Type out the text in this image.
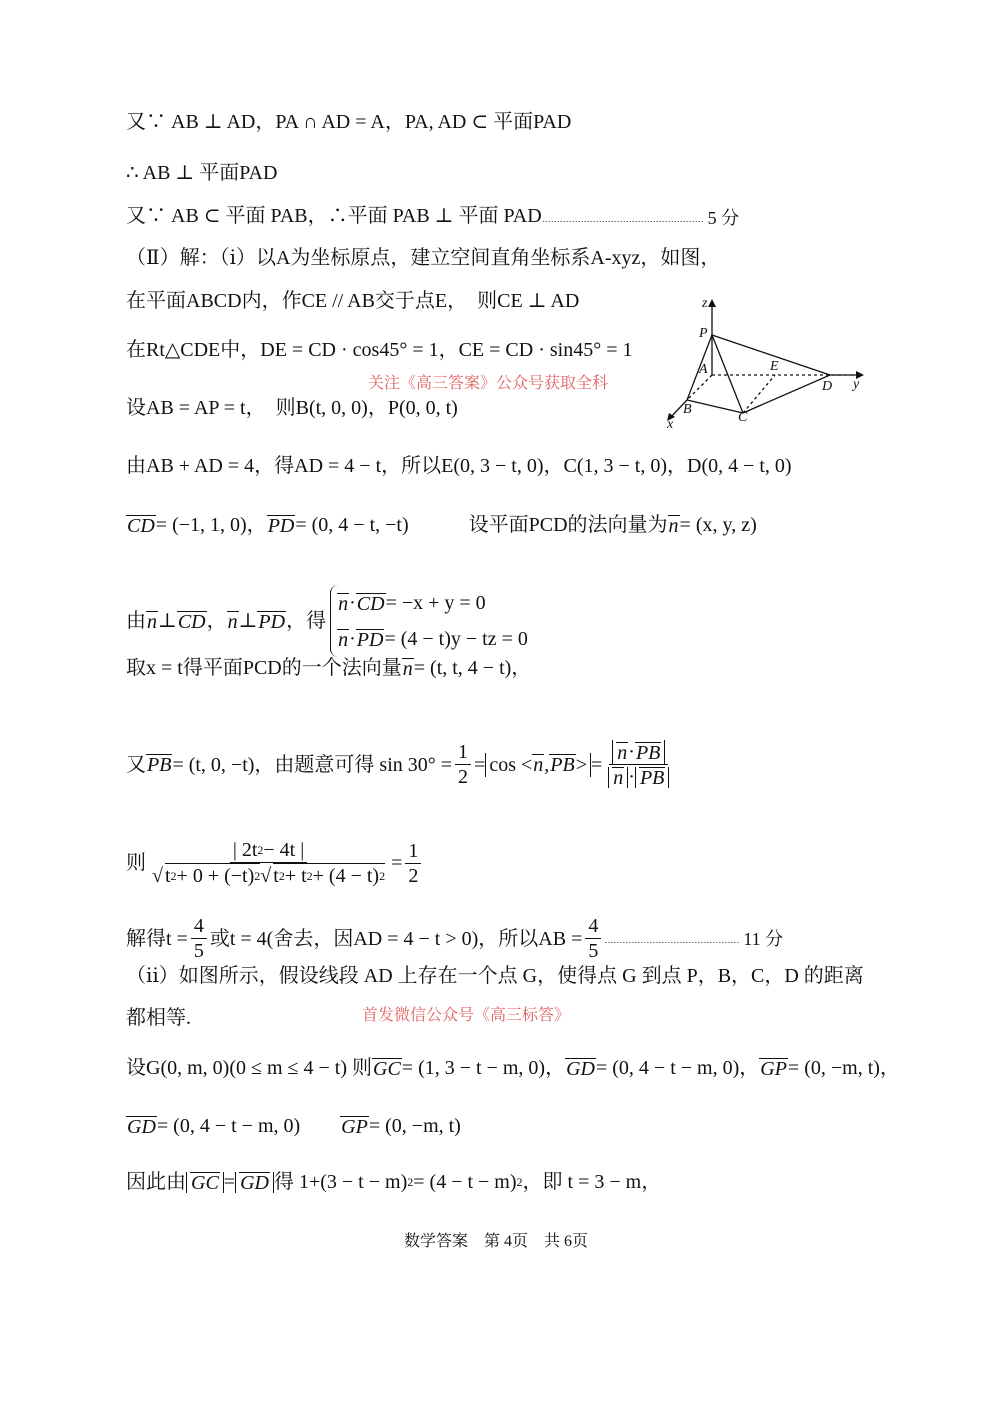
又∵ AB ⊥ AD，PA ∩ AD = A，PA, AD ⊂ 平面PAD
∴ AB ⊥ 平面PAD
又∵ AB ⊂ 平面 PAB，∴平面 PAB ⊥ 平面 PAD……………………………………………… 5 分
（Ⅱ）解：（ⅰ）以A为坐标原点，建立空间直角坐标系A-xyz，如图，
在平面ABCD内，作CE // AB交于点E，　则CE ⊥ AD
在Rt△CDE中，DE = CD · cos45° = 1，CE = CD · sin45° = 1
设AB = AP = t，　则B(t, 0, 0)，P(0, 0, t)
由AB + AD = 4，得AD = 4 − t，所以E(0, 3 − t, 0)，C(1, 3 − t, 0)，D(0, 4 − t, 0)
CD = (−1, 1, 0)， PD = (0, 4 − t, −t)　　　设平面PCD的法向量为 n = (x, y, z)
由 n ⊥ CD ， n ⊥ PD ，得
n · CD = −x + y = 0
n · PD = (4 − t)y − tz = 0
取x = t得平面PCD的一个法向量 n = (t, t, 4 − t)，
又 PB = (t, 0, −t)，由题意可得 $\sin 30^\circ = \frac{1}{2} = \cos < n$ , PB > = $\frac{n \cdot PB}{n \cdot PB}$
则 $\frac{| 2t 2 - 4t |}{√ t 2 + 0 + (-t) 2 √ t 2 + t 2 + (4 - t) 2} = \frac{1}{2}$
解得$t = \frac{4}{5}$ 或t = 4(舍去，因AD = 4 − t > 0)，所以AB = $\frac{4}{5}$ ……………………………………… 11 分
（ⅱ）如图所示，假设线段 AD 上存在一个点 G，使得点 G 到点 P，B，C，D 的距离
都相等.
设G(0, m, 0)(0 ≤ m ≤ 4 − t) 则 GC = (1, 3 − t − m, 0)， GD = (0, 4 − t − m, 0)， GP = (0, −m, t)，
GD = (0, 4 − t − m, 0)　　 GP = (0, −m, t)
因此由 GC = GD 得 1+(3 − t − m) 2 = (4 − t − m) 2 ，即 t = 3 − m，
关注《高三答案》公众号获取全科
首发微信公众号《高三标答》
数学答案　第 4页　共 6页
z
P
A	E
D y
B
C
x
